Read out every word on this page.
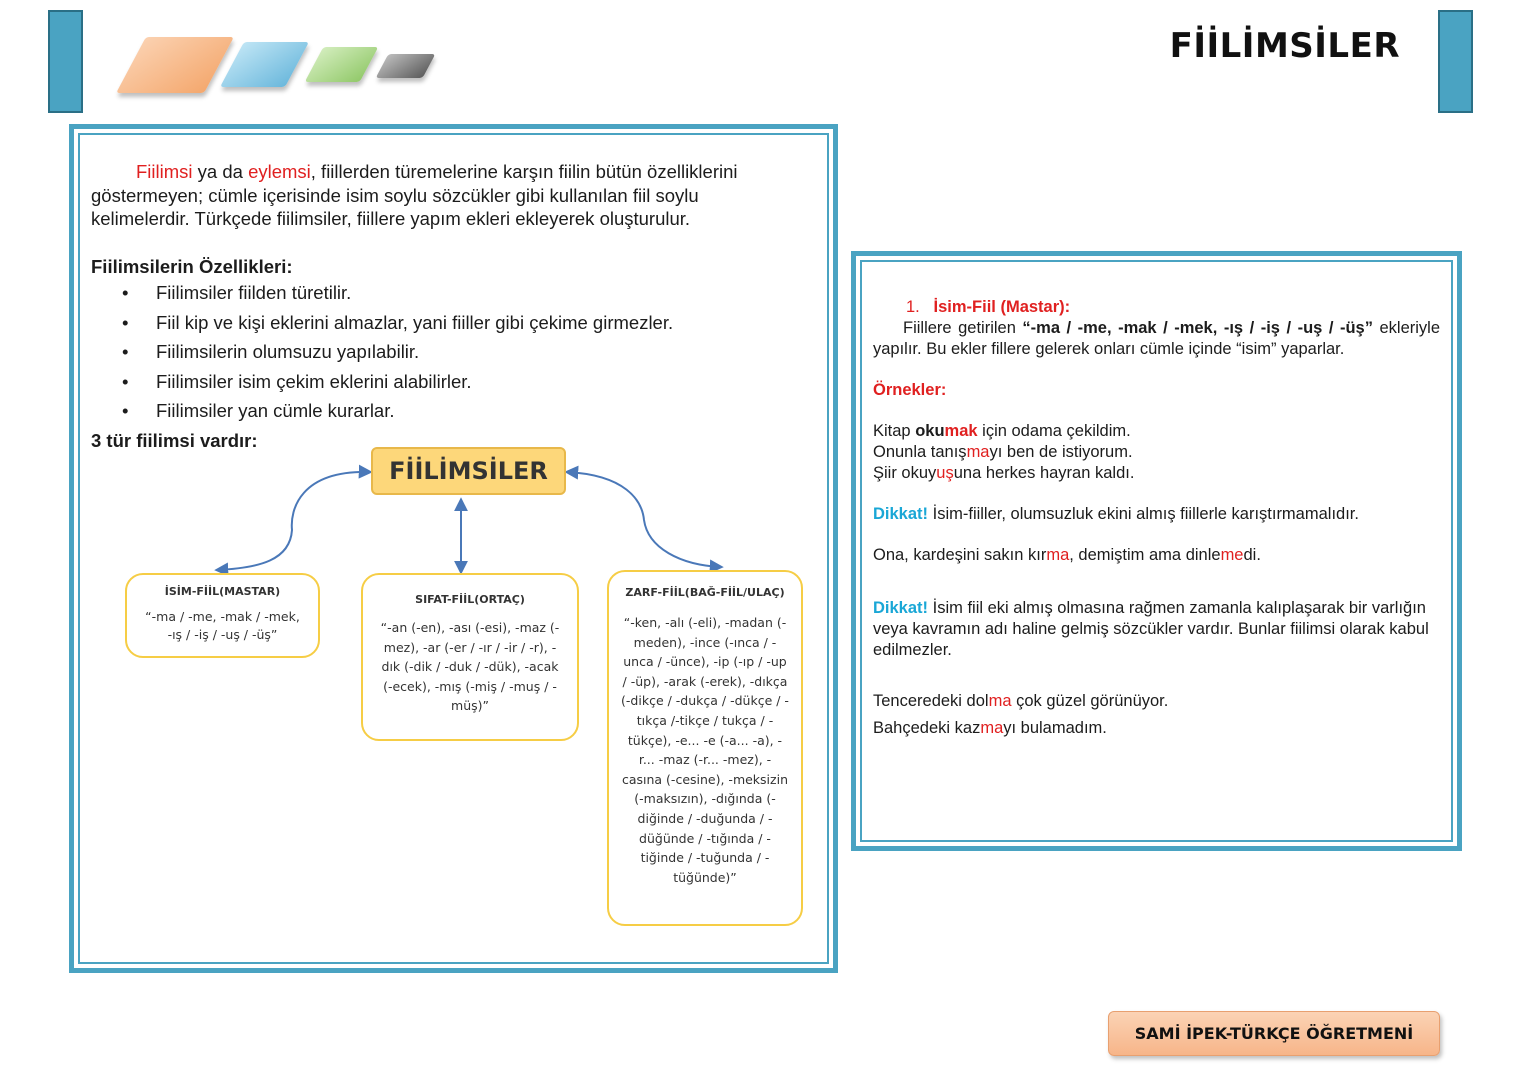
FİİLİMSİLER

Fiilimsi ya da eylemsi, fiillerden türemelerine karşın fiilin bütün özelliklerini göstermeyen; cümle içerisinde isim soylu sözcükler gibi kullanılan fiil soylu kelimelerdir. Türkçede fiilimsiler, fiillere yapım ekleri ekleyerek oluşturulur.

Fiilimsilerin Özellikleri:

• Fiilimsiler fiilden türetilir.
• Fiil kip ve kişi eklerini almazlar, yani fiiller gibi çekime girmezler.
• Fiilimsilerin olumsuzu yapılabilir.
• Fiilimsiler isim çekim eklerini alabilirler.
• Fiilimsiler yan cümle kurarlar.

3 tür fiilimsi vardır:

FİİLİMSİLER
İSİM-FİİL(MASTAR)
“-ma / -me, -mak / -mek, -ış / -iş / -uş / -üş”
SIFAT-FİİL(ORTAÇ)
“-an (-en), -ası (-esi), -maz (-mez), -ar (-er / -ır / -ir / -r), -dık (-dik / -duk / -dük), -acak (-ecek), -mış (-miş / -muş / -müş)”
ZARF-FİİL(BAĞ-FİİL/ULAÇ)
“-ken, -alı (-eli), -madan (-meden), -ince (-ınca / -unca / -ünce), -ip (-ıp / -up / -üp), -arak (-erek), -dıkça (-dikçe / -dukça / -dükçe / -tıkça /-tikçe / tukça / -tükçe), -e... -e (-a... -a), -r... -maz (-r... -mez), -casına (-cesine), -meksizin (-maksızın), -dığında (-diğinde / -duğunda / -düğünde / -tığında / -tiğinde / -tuğunda / -tüğünde)”

1. İsim-Fiil (Mastar):

Fiillere getirilen “-ma / -me, -mak / -mek, -ış / -iş / -uş / -üş” ekleriyle yapılır. Bu ekler fillere gelerek onları cümle içinde “isim” yaparlar.

Örnekler:

Kitap okumak için odama çekildim.

Onunla tanışmayı ben de istiyorum.

Şiir okuyuşuna herkes hayran kaldı.

Dikkat! İsim-fiiller, olumsuzluk ekini almış fiillerle karıştırmamalıdır.

Ona, kardeşini sakın kırma, demiştim ama dinlemedi.

Dikkat! İsim fiil eki almış olmasına rağmen zamanla kalıplaşarak bir varlığın veya kavramın adı haline gelmiş sözcükler vardır. Bunlar fiilimsi olarak kabul edilmezler.

Tenceredeki dolma çok güzel görünüyor.

Bahçedeki kazmayı bulamadım.

SAMİ İPEK-TÜRKÇE ÖĞRETMENİ
